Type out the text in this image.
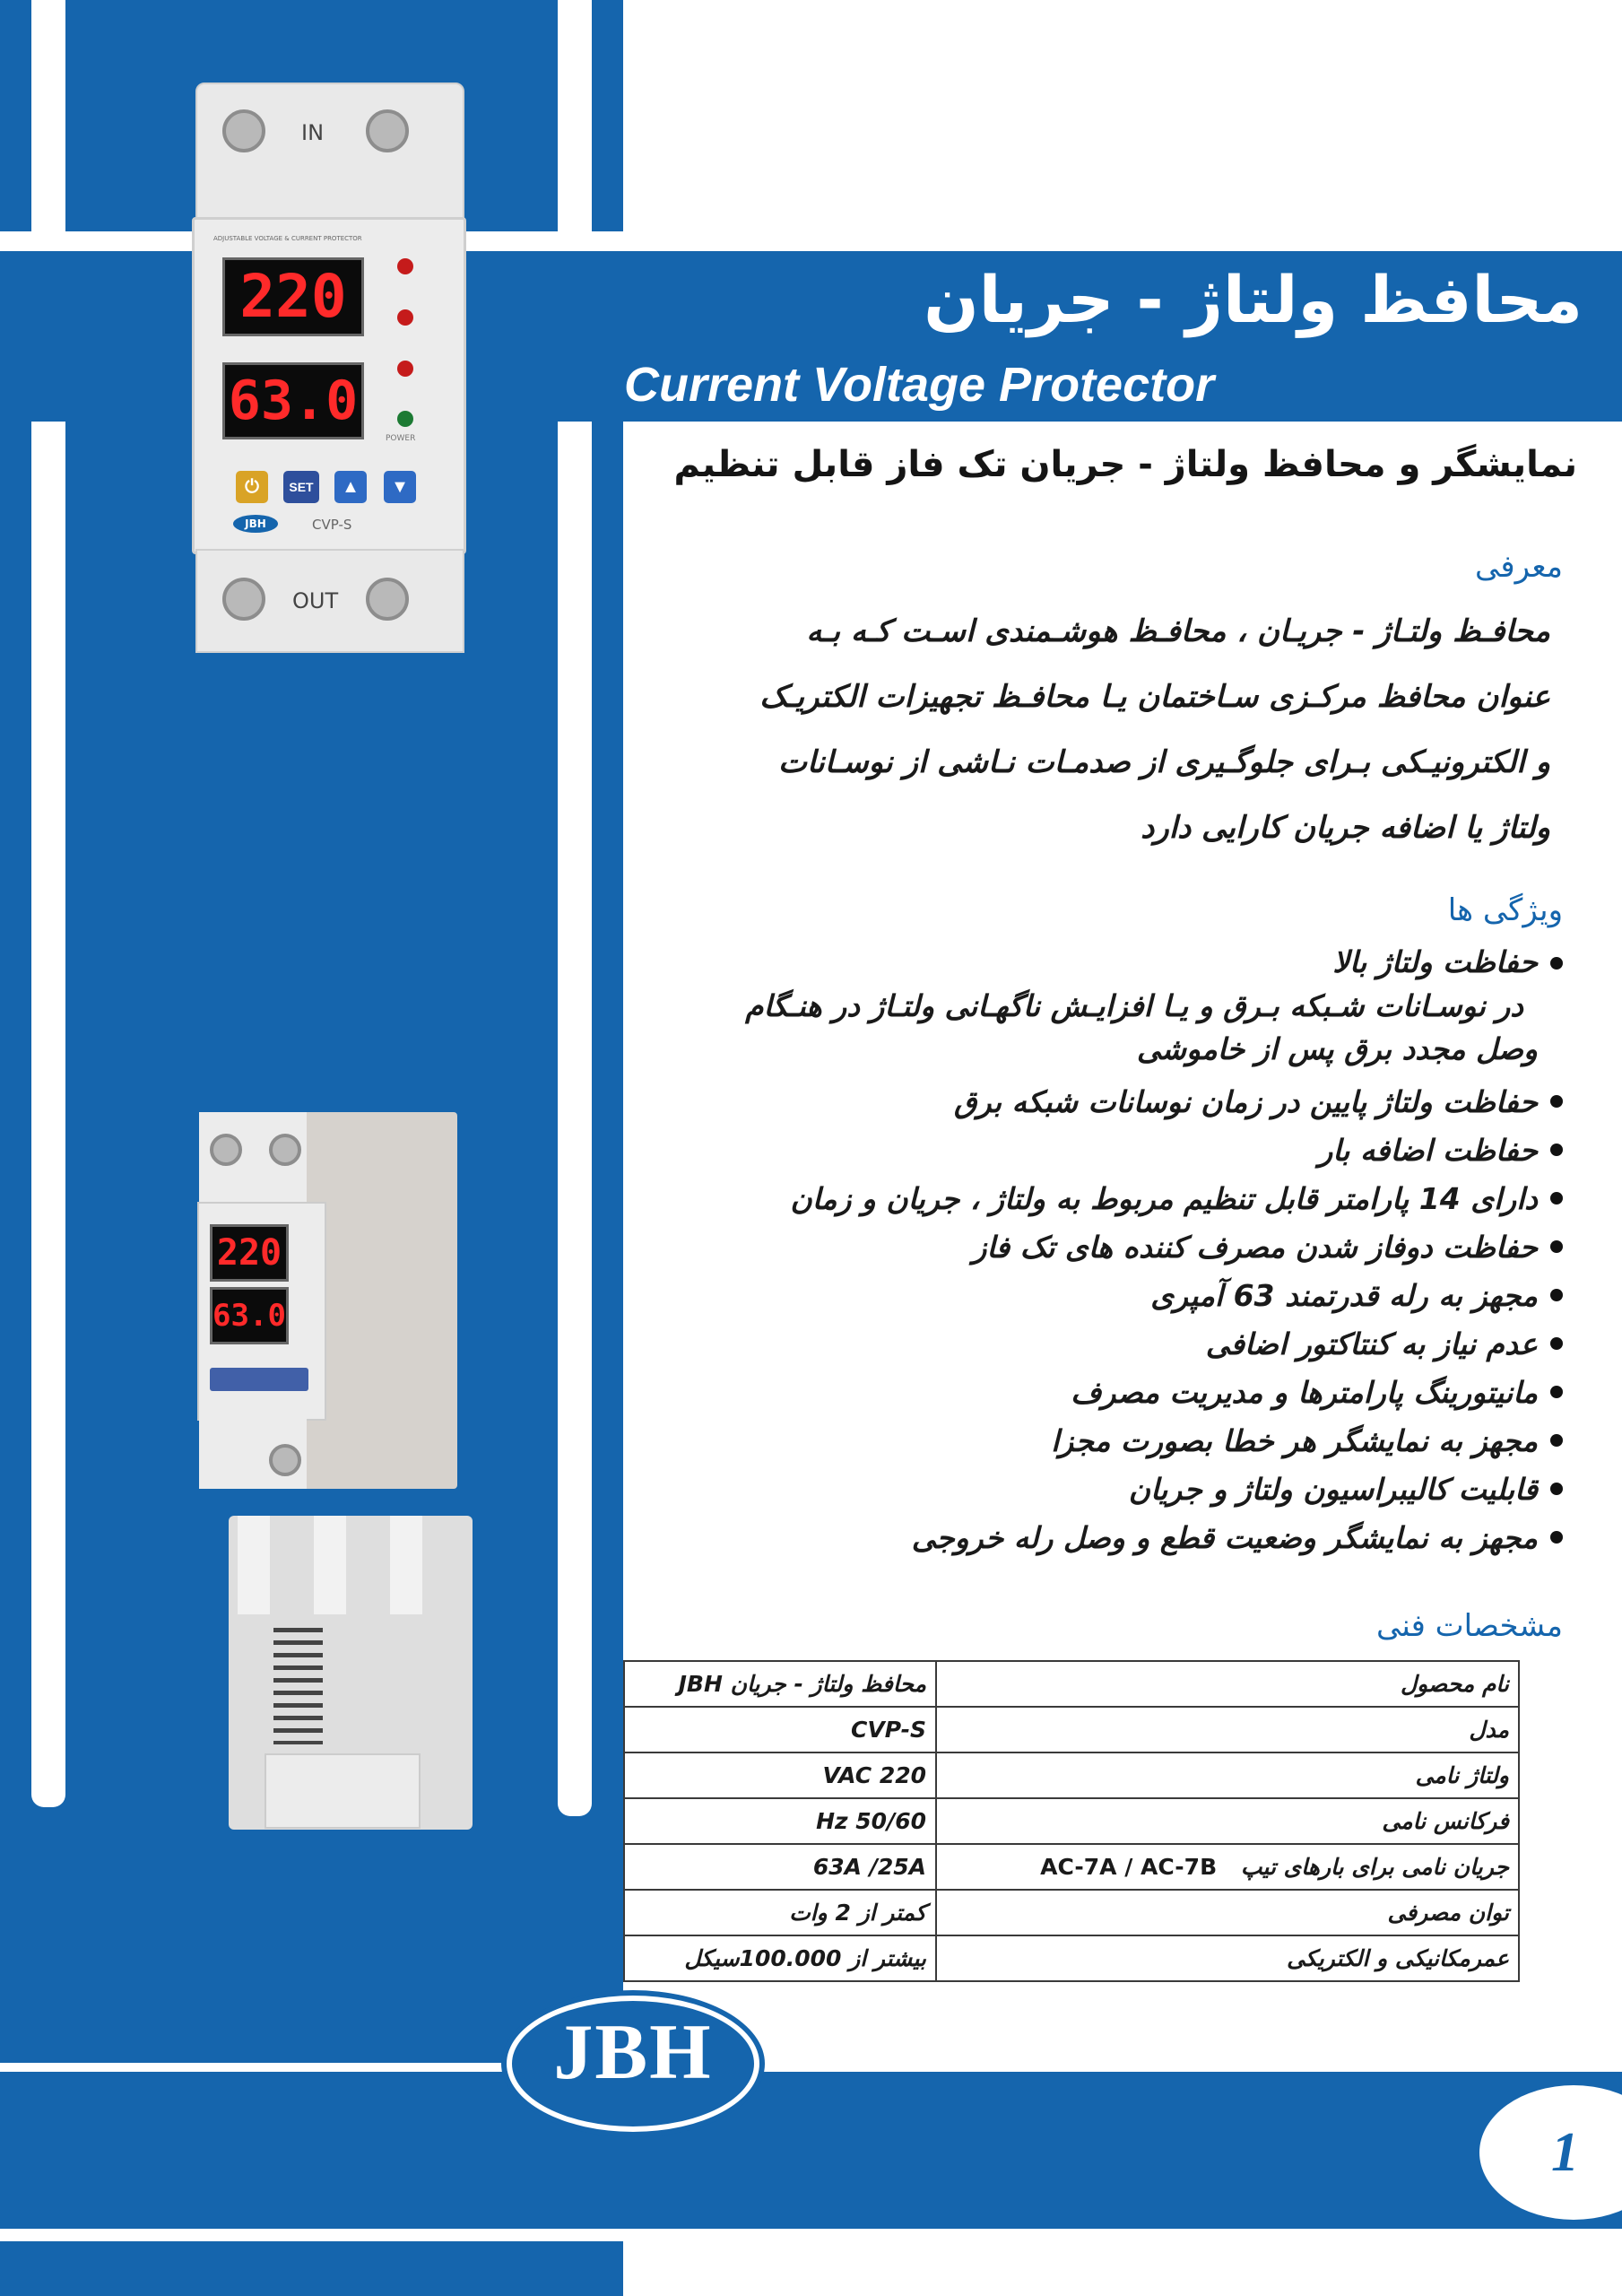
محافظ ولتاژ - جریان
Current Voltage Protector
IN
ADJUSTABLE VOLTAGE & CURRENT PROTECTOR
220
63.0
POWER
⏻	SET	▲	▼
JBH	CVP-S
OUT
220
63.0
نمایشگر و محافظ ولتاژ - جریان تک فاز قابل تنظیم
معرفی
محافـظ ولتـاژ - جریـان ، محافـظ هوشـمندی اسـت کـه بـه
عنوان محافظ مرکـزی سـاختمان یـا محافـظ تجهیزات الکتریـک
و الکترونیـکی بـرای جلوگـیری از صدمـات نـاشی از نوسـانات
ولتاژ یا اضافه جریان کارایی دارد
ویژگی ها
حفاظت ولتاژ بالا
در نوسـانات شـبکه بـرق و یـا افزایـش ناگهـانی ولتـاژ در هنـگام
وصل مجدد برق پس از خاموشی
حفاظت ولتاژ پایین در زمان نوسانات شبکه برق
حفاظت اضافه بار
دارای 14 پارامتر قابل تنظیم مربوط به ولتاژ ، جریان و زمان
حفاظت دوفاز شدن مصرف کننده های تک فاز
مجهز به رله قدرتمند 63 آمپری
عدم نیاز به کنتاکتور اضافی
مانیتورینگ پارامترها و مدیریت مصرف
مجهز به نمایشگر هر خطا بصورت مجزا
قابلیت کالیبراسیون ولتاژ و جریان
مجهز به نمایشگر وضعیت قطع و وصل رله خروجی
مشخصات فنی
نام محصول	محافظ ولتاژ - جریان JBH
مدل	CVP-S
ولتاژ نامی	220 VAC
فرکانس نامی	50/60 Hz
جریان نامی برای بارهای تیپ AC-7A / AC-7B	63A /25A
توان مصرفی	کمتر از 2 وات
عمرمکانیکی و الکتریکی	بیشتر از 100.000سیکل
1
JBH
